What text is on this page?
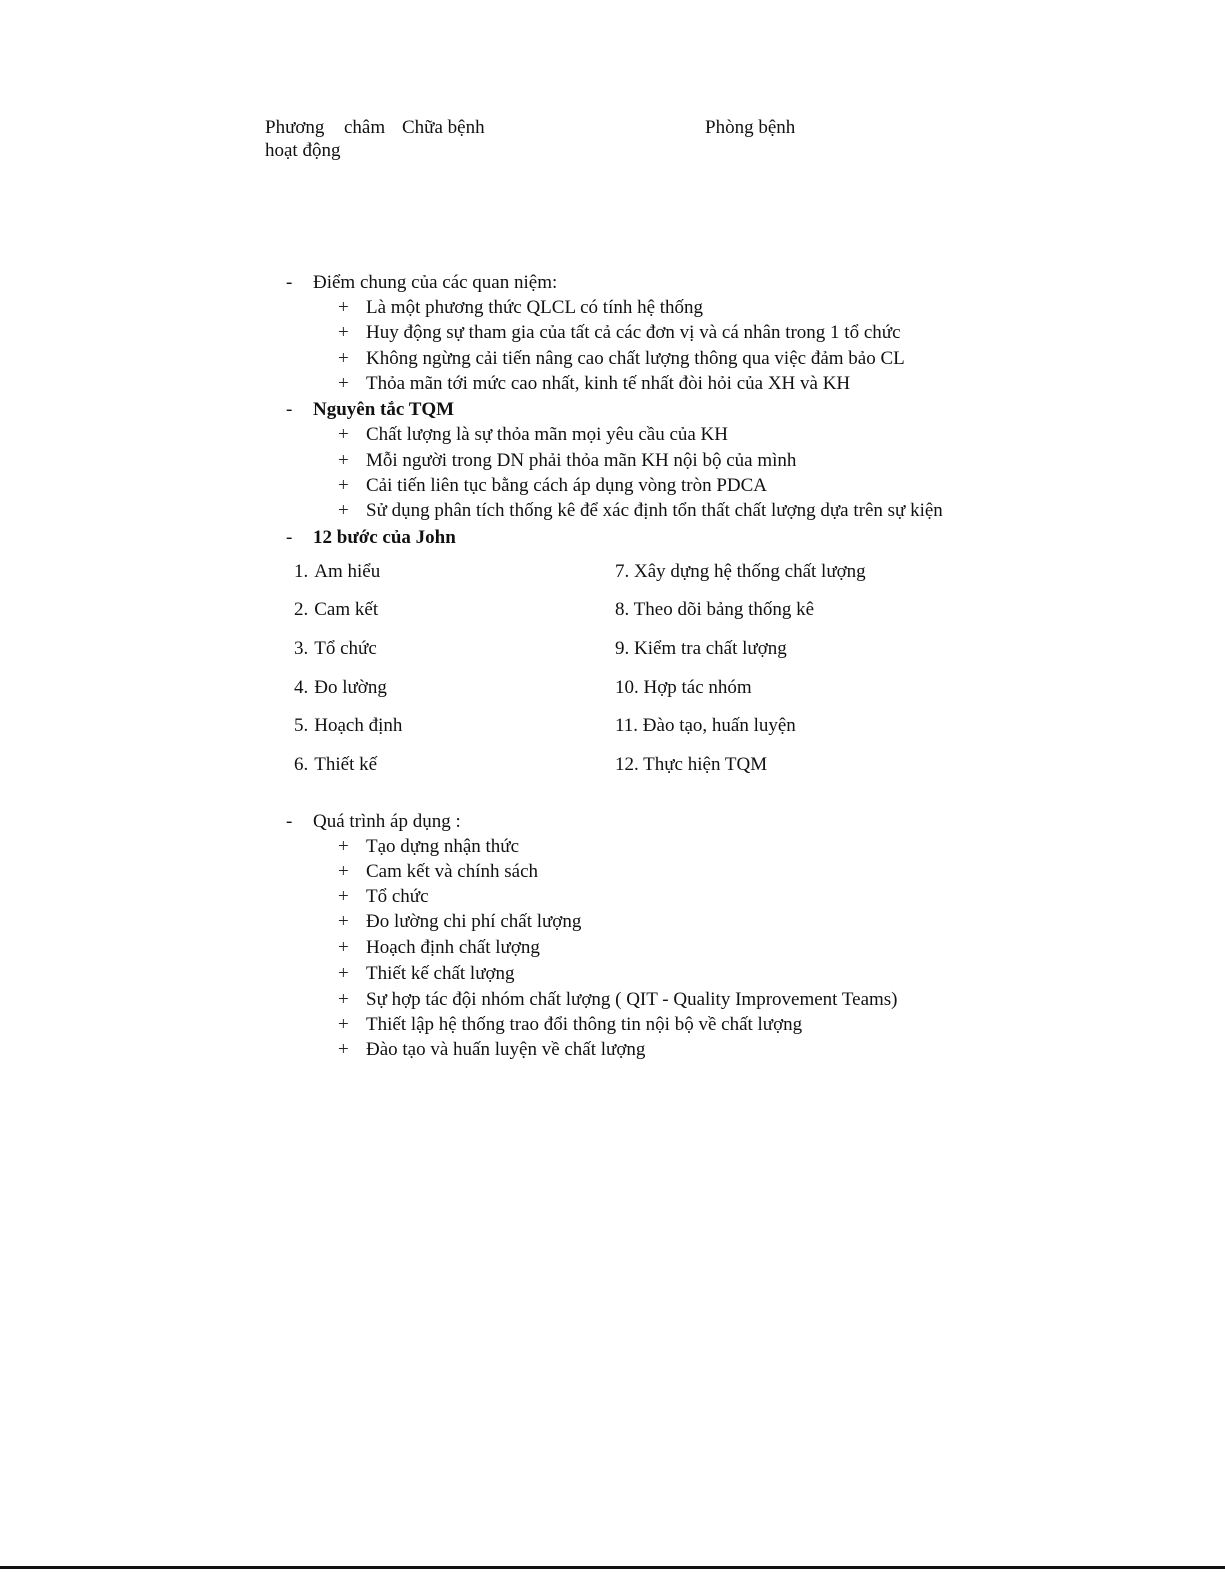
Phương châm
hoạt động
Chữa bệnh	Phòng bệnh
- Điểm chung của các quan niệm:
+ Là một phương thức QLCL có tính hệ thống
+ Huy động sự tham gia của tất cả các đơn vị và cá nhân trong 1 tổ chức
+ Không ngừng cải tiến nâng cao chất lượng thông qua việc đảm bảo CL
+ Thỏa mãn tới mức cao nhất, kinh tế nhất đòi hỏi của XH và KH
- Nguyên tắc TQM
+ Chất lượng là sự thỏa mãn mọi yêu cầu của KH
+ Mỗi người trong DN phải thỏa mãn KH nội bộ của mình
+ Cải tiến liên tục bằng cách áp dụng vòng tròn PDCA
+ Sử dụng phân tích thống kê để xác định tổn thất chất lượng dựa trên sự kiện
- 12 bước của John
1. Am hiểu
2. Cam kết
3. Tổ chức
4. Đo lường
5. Hoạch định
6. Thiết kế
7. Xây dựng hệ thống chất lượng
8. Theo dõi bảng thống kê
9. Kiểm tra chất lượng
10. Hợp tác nhóm
11. Đào tạo, huấn luyện
12. Thực hiện TQM
- Quá trình áp dụng :
+ Tạo dựng nhận thức
+ Cam kết và chính sách
+ Tổ chức
+ Đo lường chi phí chất lượng
+ Hoạch định chất lượng
+ Thiết kế chất lượng
+ Sự hợp tác đội nhóm chất lượng ( QIT - Quality Improvement Teams)
+ Thiết lập hệ thống trao đổi thông tin nội bộ về chất lượng
+ Đào tạo và huấn luyện về chất lượng
